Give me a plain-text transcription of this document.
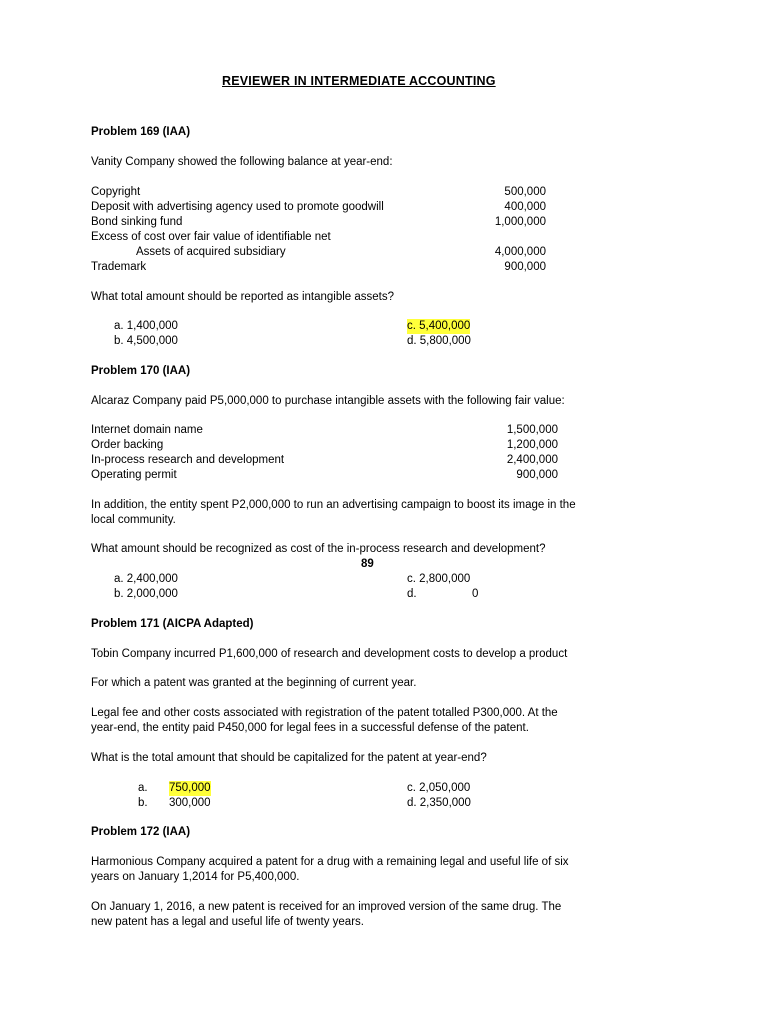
REVIEWER IN INTERMEDIATE ACCOUNTING
Problem 169 (IAA)
Vanity Company showed the following balance at year-end:
Copyright	500,000
Deposit with advertising agency used to promote goodwill	400,000
Bond sinking fund	1,000,000
Excess of cost over fair value of identifiable net
Assets of acquired subsidiary	4,000,000
Trademark	900,000
What total amount should be reported as intangible assets?
a. 1,400,000	c. 5,400,000
b. 4,500,000	d. 5,800,000
Problem 170 (IAA)
Alcaraz Company paid P5,000,000 to purchase intangible assets with the following fair value:
Internet domain name	1,500,000
Order backing	1,200,000
In-process research and development	2,400,000
Operating permit	900,000
In addition, the entity spent P2,000,000 to run an advertising campaign to boost its image in the
local community.
What amount should be recognized as cost of the in-process research and development?
89
a. 2,400,000	c. 2,800,000
b. 2,000,000	d.	0
Problem 171 (AICPA Adapted)
Tobin Company incurred P1,600,000 of research and development costs to develop a product
For which a patent was granted at the beginning of current year.
Legal fee and other costs associated with registration of the patent totalled P300,000. At the
year-end, the entity paid P450,000 for legal fees in a successful defense of the patent.
What is the total amount that should be capitalized for the patent at year-end?
a. 750,000	c. 2,050,000
b. 300,000	d. 2,350,000
Problem 172 (IAA)
Harmonious Company acquired a patent for a drug with a remaining legal and useful life of six
years on January 1,2014 for P5,400,000.
On January 1, 2016, a new patent is received for an improved version of the same drug. The
new patent has a legal and useful life of twenty years.
